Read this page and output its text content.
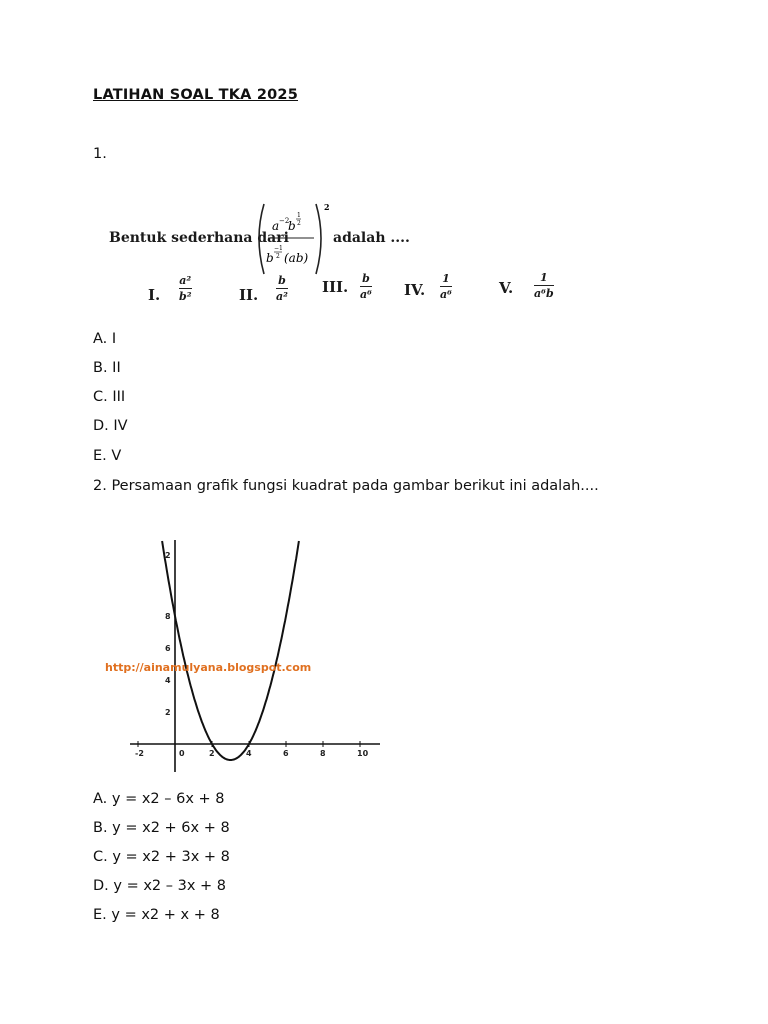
LATIHAN SOAL TKA 2025
1.
Bentuk sederhana dari
2
a −2
b
1
2
b
−1
2 (ab)
adalah ....
I.
a²
b²	II.
b
a²
III. b
a⁶ IV.
1
a⁶	V.
1
a⁶b
A. I
B. II
C. III
D. IV
E. V
2. Persamaan grafik fungsi kuadrat pada gambar berikut ini adalah....
-2	0	2	4	6	8	10
2
4
6
8
2
http://ainamulyana.blogspot.com
A. y = x2 – 6x + 8
B. y = x2 + 6x + 8
C. y = x2 + 3x + 8
D. y = x2 – 3x + 8
E. y = x2 + x + 8
